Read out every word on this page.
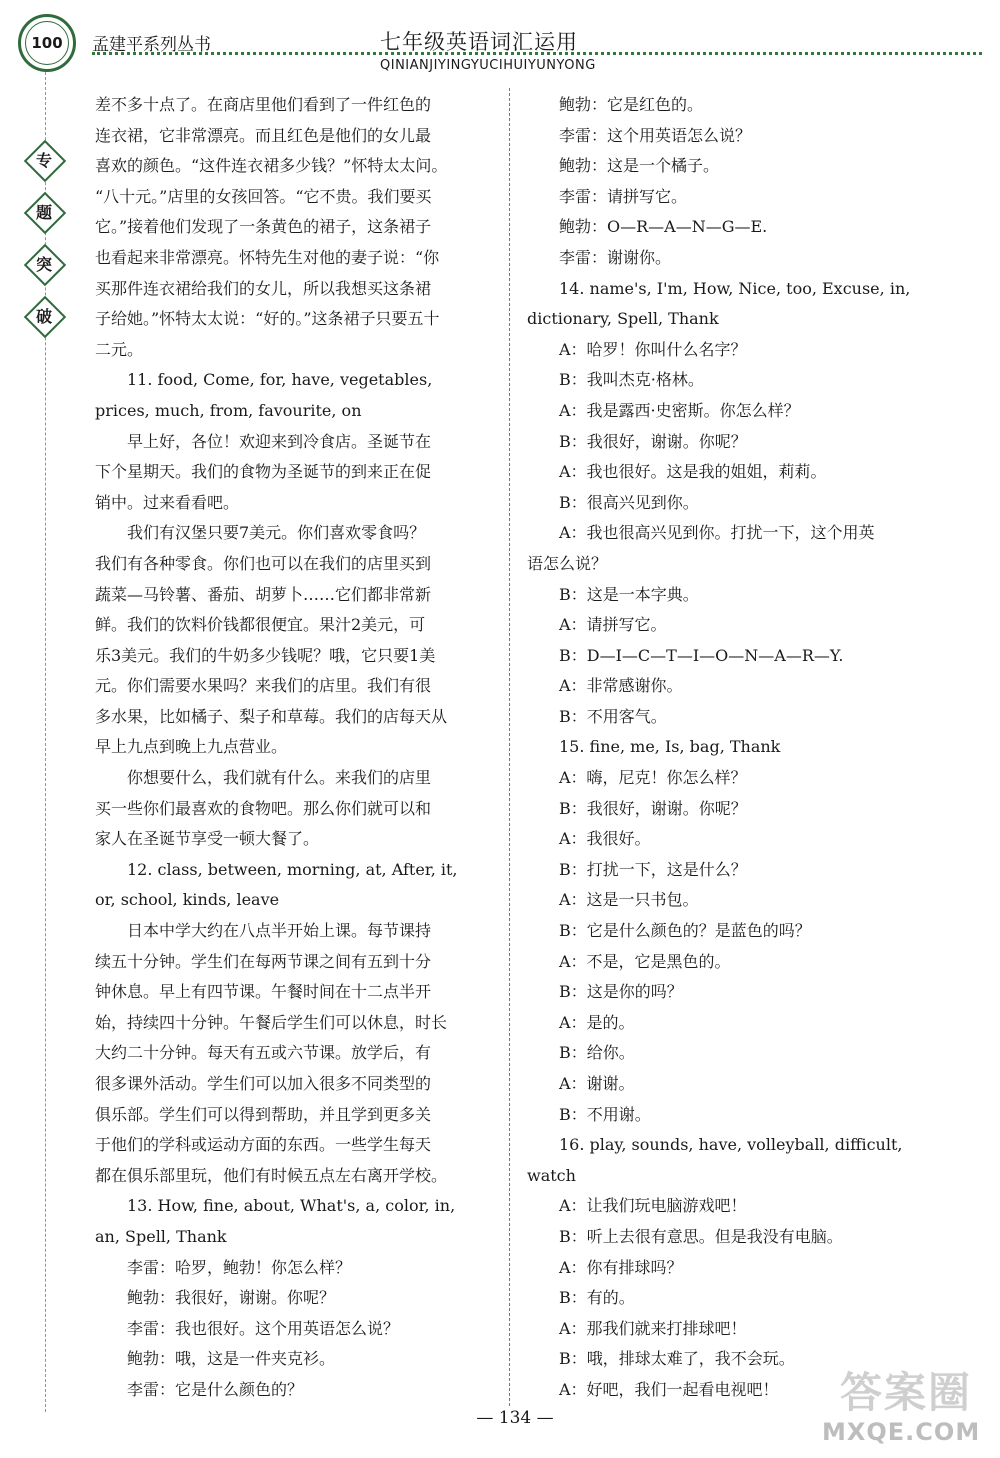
100	孟建平系列丛书	七年级英语词汇运用
QINIANJIYINGYUCIHUIYUNYONG
专
题
突
破

差不多十点了。在商店里他们看到了一件红色的

连衣裙，它非常漂亮。而且红色是他们的女儿最

喜欢的颜色。“这件连衣裙多少钱？”怀特太太问。

“八十元。”店里的女孩回答。“它不贵。我们要买

它。”接着他们发现了一条黄色的裙子，这条裙子

也看起来非常漂亮。怀特先生对他的妻子说：“你

买那件连衣裙给我们的女儿，所以我想买这条裙

子给她。”怀特太太说：“好的。”这条裙子只要五十

二元。

11. food, Come, for, have, vegetables,

prices, much, from, favourite, on

早上好，各位！欢迎来到冷食店。圣诞节在

下个星期天。我们的食物为圣诞节的到来正在促

销中。过来看看吧。

我们有汉堡只要7美元。你们喜欢零食吗？

我们有各种零食。你们也可以在我们的店里买到

蔬菜—马铃薯、番茄、胡萝卜……它们都非常新

鲜。我们的饮料价钱都很便宜。果汁2美元，可

乐3美元。我们的牛奶多少钱呢？哦，它只要1美

元。你们需要水果吗？来我们的店里。我们有很

多水果，比如橘子、梨子和草莓。我们的店每天从

早上九点到晚上九点营业。

你想要什么，我们就有什么。来我们的店里

买一些你们最喜欢的食物吧。那么你们就可以和

家人在圣诞节享受一顿大餐了。

12. class, between, morning, at, After, it,

or, school, kinds, leave

日本中学大约在八点半开始上课。每节课持

续五十分钟。学生们在每两节课之间有五到十分

钟休息。早上有四节课。午餐时间在十二点半开

始，持续四十分钟。午餐后学生们可以休息，时长

大约二十分钟。每天有五或六节课。放学后，有

很多课外活动。学生们可以加入很多不同类型的

俱乐部。学生们可以得到帮助，并且学到更多关

于他们的学科或运动方面的东西。一些学生每天

都在俱乐部里玩，他们有时候五点左右离开学校。

13. How, fine, about, What's, a, color, in,

an, Spell, Thank

李雷：哈罗，鲍勃！你怎么样？

鲍勃：我很好，谢谢。你呢？

李雷：我也很好。这个用英语怎么说？

鲍勃：哦，这是一件夹克衫。

李雷：它是什么颜色的？

鲍勃：它是红色的。

李雷：这个用英语怎么说？

鲍勃：这是一个橘子。

李雷：请拼写它。

鲍勃：O—R—A—N—G—E.

李雷：谢谢你。

14. name's, I'm, How, Nice, too, Excuse, in,

dictionary, Spell, Thank

A：哈罗！你叫什么名字？

B：我叫杰克·格林。

A：我是露西·史密斯。你怎么样？

B：我很好，谢谢。你呢？

A：我也很好。这是我的姐姐，莉莉。

B：很高兴见到你。

A：我也很高兴见到你。打扰一下，这个用英

语怎么说？

B：这是一本字典。

A：请拼写它。

B：D—I—C—T—I—O—N—A—R—Y.

A：非常感谢你。

B：不用客气。

15. fine, me, Is, bag, Thank

A：嗨，尼克！你怎么样？

B：我很好，谢谢。你呢？

A：我很好。

B：打扰一下，这是什么？

A：这是一只书包。

B：它是什么颜色的？是蓝色的吗？

A：不是，它是黑色的。

B：这是你的吗？

A：是的。

B：给你。

A：谢谢。

B：不用谢。

16. play, sounds, have, volleyball, difficult,

watch

A：让我们玩电脑游戏吧！

B：听上去很有意思。但是我没有电脑。

A：你有排球吗？

B：有的。

A：那我们就来打排球吧！

B：哦，排球太难了，我不会玩。

A：好吧，我们一起看电视吧！

— 134 —
答案圈
MXQE.COM
